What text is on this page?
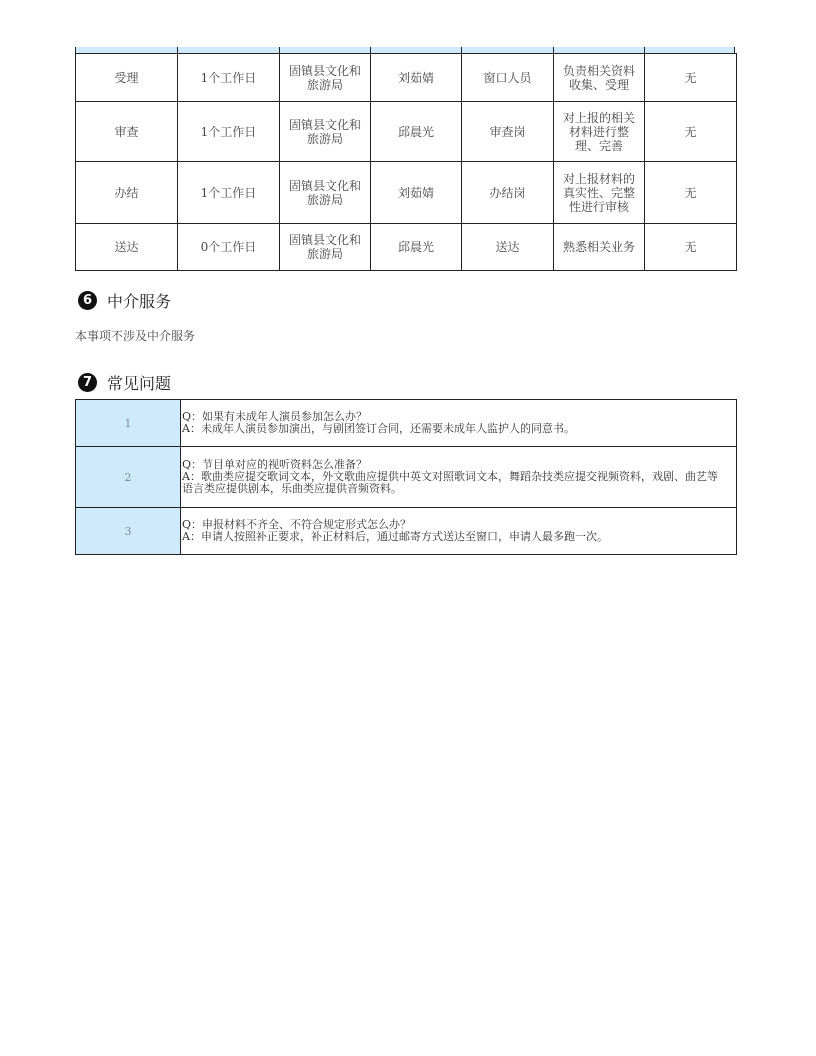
受理	1个工作日	固镇县文化和旅游局	刘茹婧	窗口人员	负责相关资料收集、受理	无
审查	1个工作日	固镇县文化和旅游局	邱晨光	审查岗	对上报的相关材料进行整理、完善	无
办结	1个工作日	固镇县文化和旅游局	刘茹婧	办结岗	对上报材料的真实性、完整性进行审核	无
送达	0个工作日	固镇县文化和旅游局	邱晨光	送达	熟悉相关业务	无
6 中介服务
本事项不涉及中介服务
7 常见问题
1	Q：如果有未成年人演员参加怎么办？
A：未成年人演员参加演出，与剧团签订合同，还需要未成年人监护人的同意书。

2	Q：节目单对应的视听资料怎么准备？
A：歌曲类应提交歌词文本，外文歌曲应提供中英文对照歌词文本，舞蹈杂技类应提交视频资料，戏剧、曲艺等语言类应提供剧本，乐曲类应提供音频资料。

3	Q：申报材料不齐全、不符合规定形式怎么办？
A：申请人按照补正要求，补正材料后，通过邮寄方式送达至窗口，申请人最多跑一次。
